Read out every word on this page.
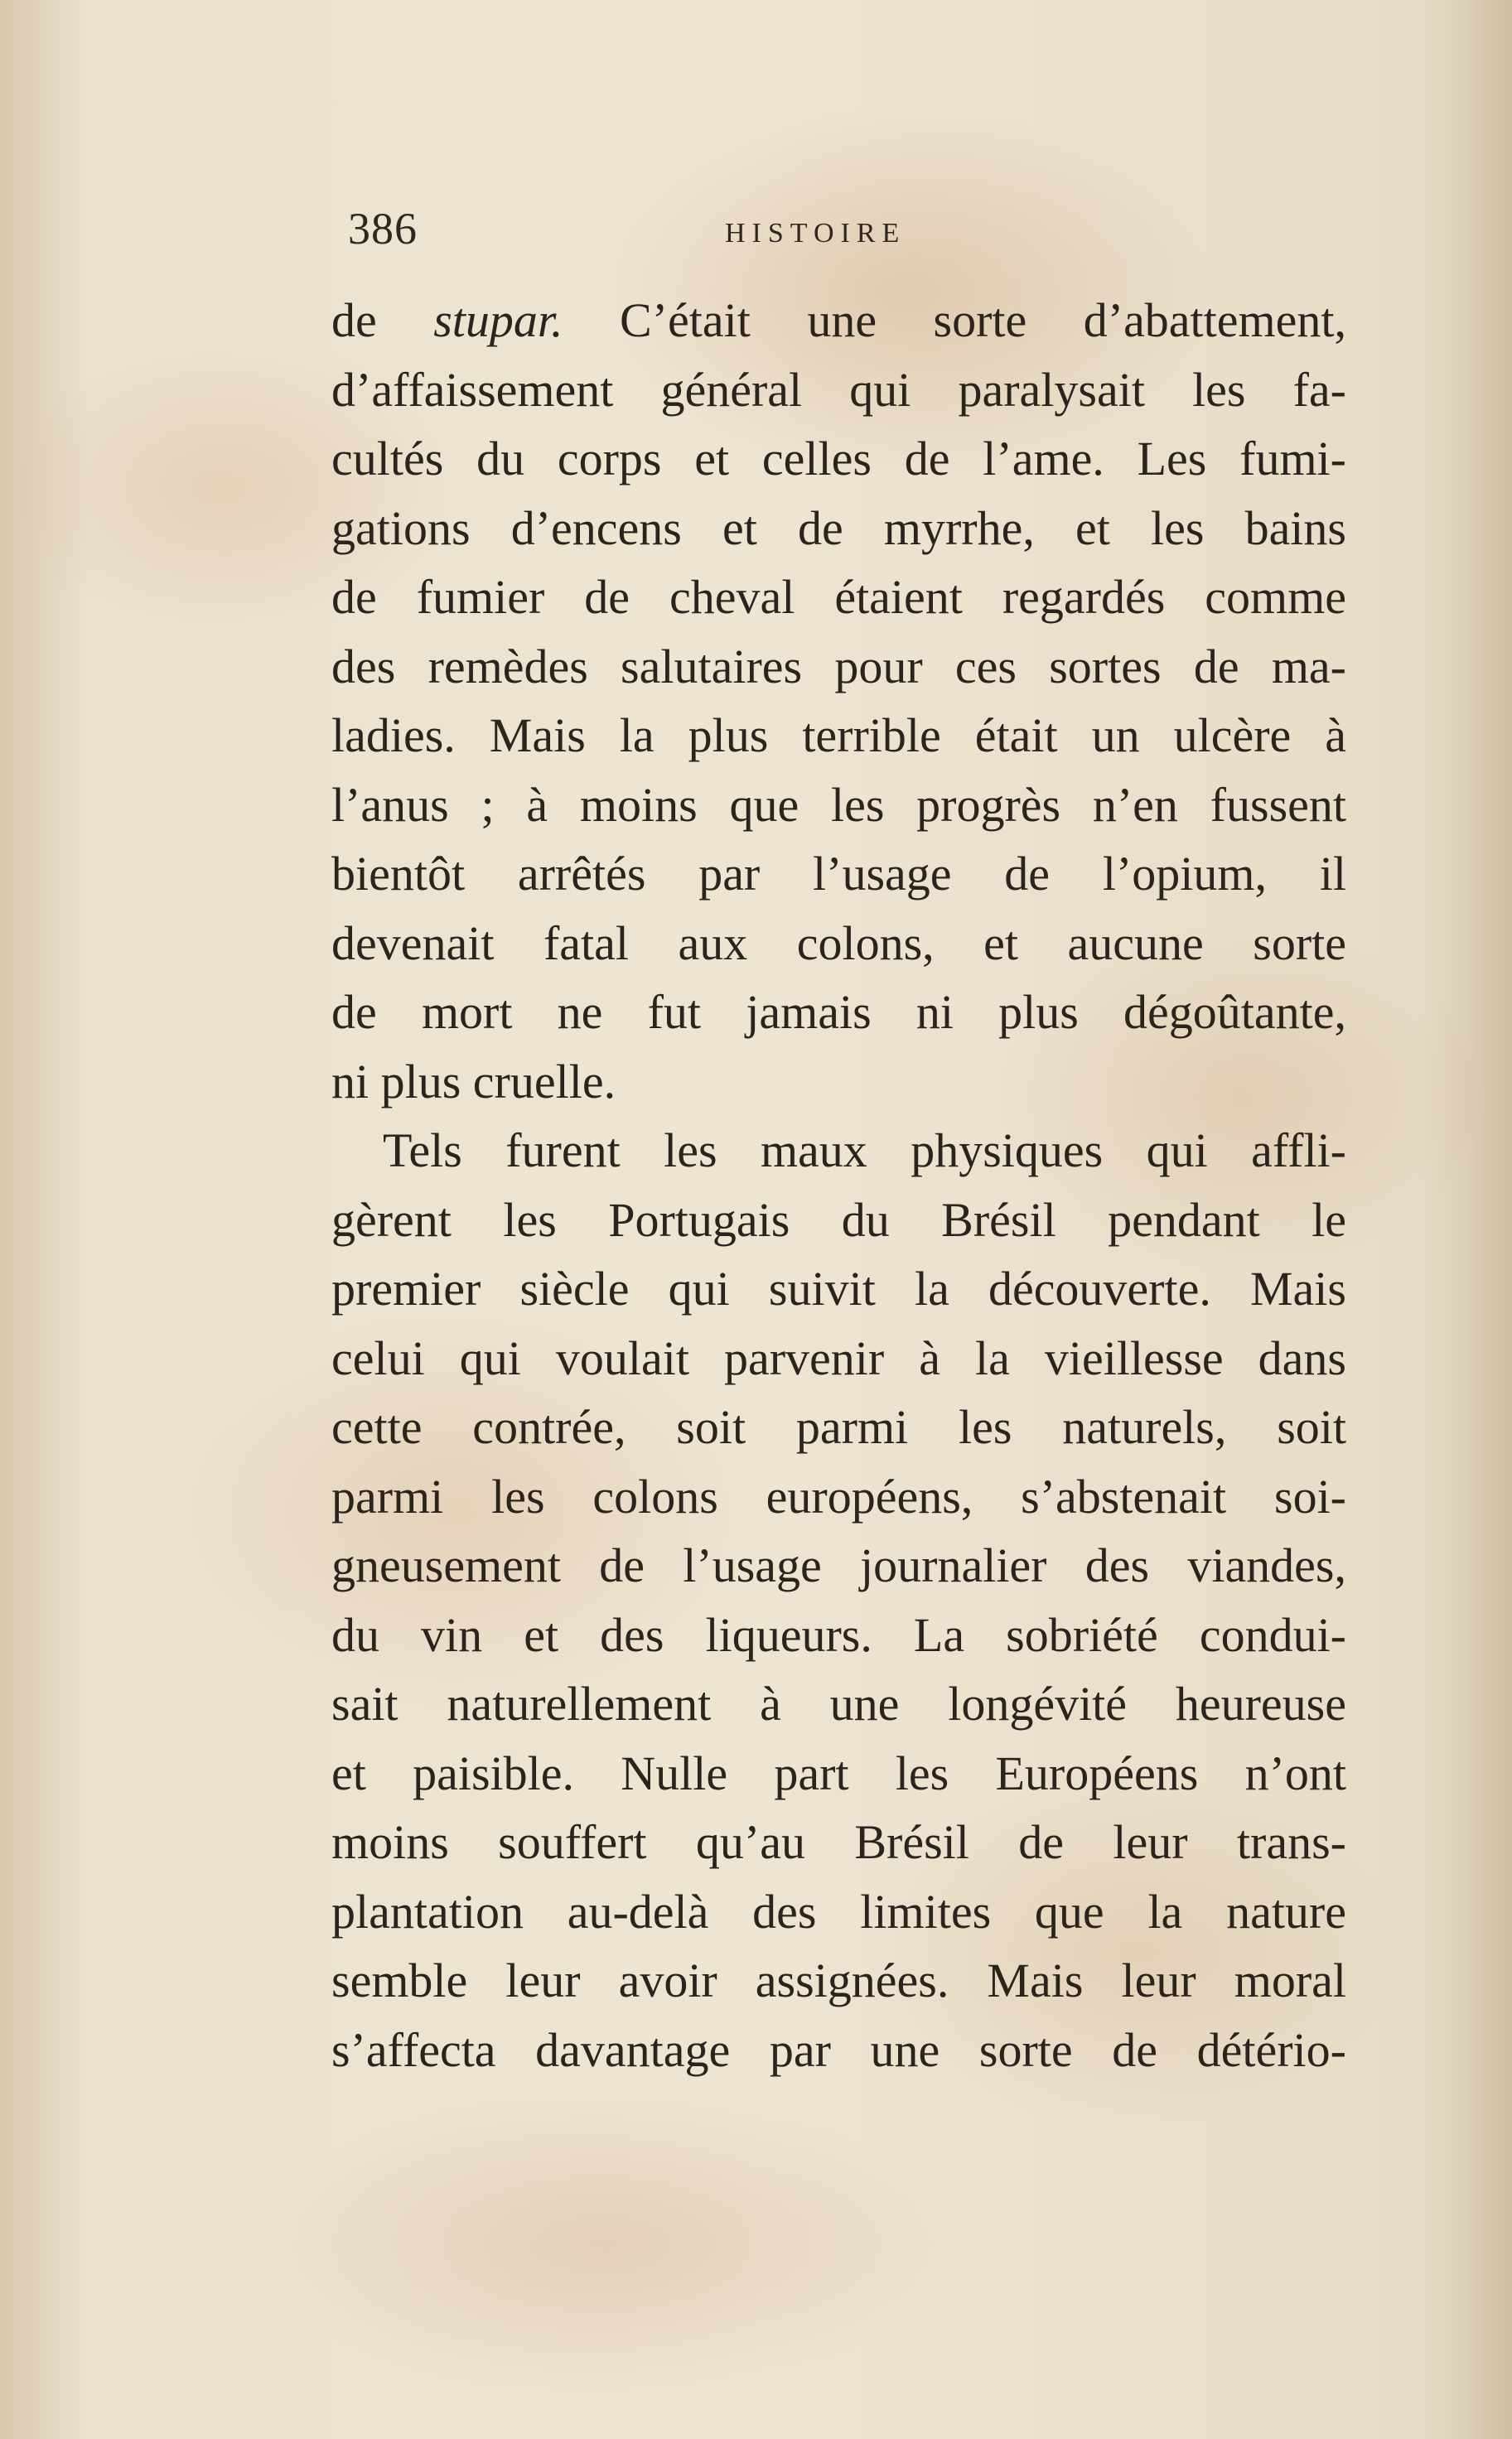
386	HISTOIRE
de stupar. C’était une sorte d’abattement,
d’affaissement général qui paralysait les fa-
cultés du corps et celles de l’ame. Les fumi-
gations d’encens et de myrrhe, et les bains
de fumier de cheval étaient regardés comme
des remèdes salutaires pour ces sortes de ma-
ladies. Mais la plus terrible était un ulcère à
l’anus ; à moins que les progrès n’en fussent
bientôt arrêtés par l’usage de l’opium, il
devenait fatal aux colons, et aucune sorte
de mort ne fut jamais ni plus dégoûtante,
ni plus cruelle.
Tels furent les maux physiques qui affli-
gèrent les Portugais du Brésil pendant le
premier siècle qui suivit la découverte. Mais
celui qui voulait parvenir à la vieillesse dans
cette contrée, soit parmi les naturels, soit
parmi les colons européens, s’abstenait soi-
gneusement de l’usage journalier des viandes,
du vin et des liqueurs. La sobriété condui-
sait naturellement à une longévité heureuse
et paisible. Nulle part les Européens n’ont
moins souffert qu’au Brésil de leur trans-
plantation au-delà des limites que la nature
semble leur avoir assignées. Mais leur moral
s’affecta davantage par une sorte de détério-
